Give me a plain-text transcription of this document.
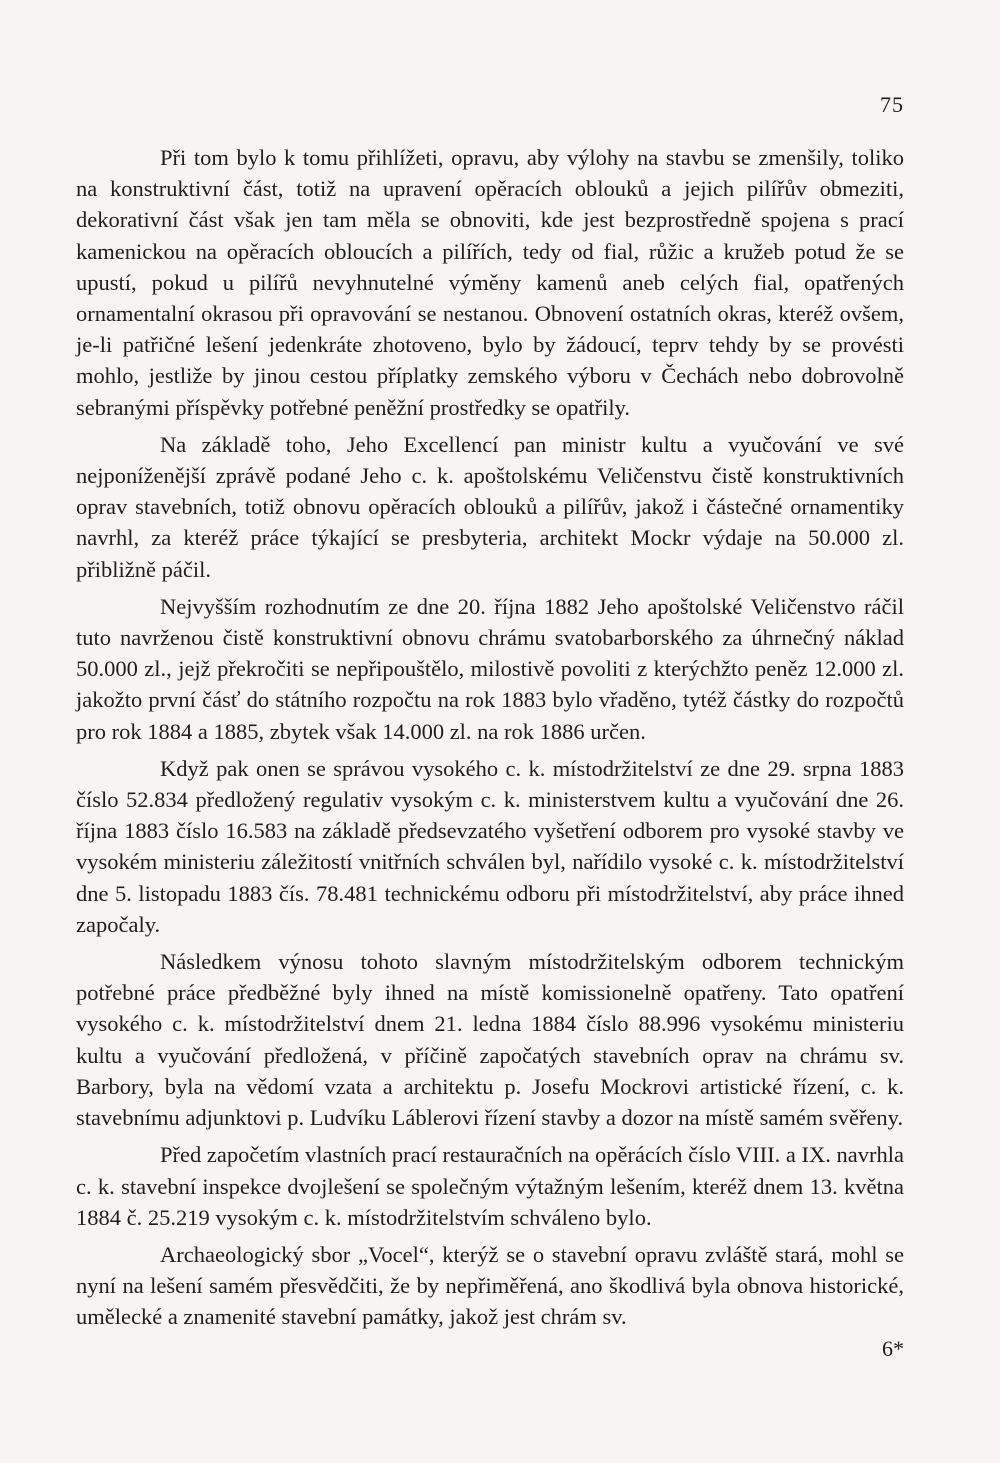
75

Při tom bylo k tomu přihlížeti, opravu, aby výlohy na stavbu se zmenšily, toliko na konstruktivní část, totiž na upravení opěracích oblouků a jejich pilířův obmeziti, dekorativní část však jen tam měla se obnoviti, kde jest bezprostředně spojena s prací kamenickou na opěracích obloucích a pilířích, tedy od fial, růžic a kružeb potud že se upustí, pokud u pilířů nevyhnutelné výměny kamenů aneb celých fial, opatřených ornamentalní okrasou při opravování se nestanou. Obnovení ostatních okras, kteréž ovšem, je-li patřičné lešení jedenkráte zhotoveno, bylo by žádoucí, teprv tehdy by se provésti mohlo, jestliže by jinou cestou příplatky zemského výboru v Čechách nebo dobrovolně sebranými příspěvky potřebné peněžní prostředky se opatřily.

Na základě toho, Jeho Excellencí pan ministr kultu a vyučování ve své nejponíženější zprávě podané Jeho c. k. apoštolskému Veličenstvu čistě konstruktivních oprav stavebních, totiž obnovu opěracích oblouků a pilířův, jakož i částečné ornamentiky navrhl, za kteréž práce týkající se presbyteria, architekt Mockr výdaje na 50.000 zl. přibližně páčil.

Nejvyšším rozhodnutím ze dne 20. října 1882 Jeho apoštolské Veličenstvo ráčil tuto navrženou čistě konstruktivní obnovu chrámu svatobarborského za úhrnečný náklad 50.000 zl., jejž překročiti se nepřipouštělo, milostivě povoliti z kterýchžto peněz 12.000 zl. jakožto první čásť do státního rozpočtu na rok 1883 bylo vřaděno, tytéž částky do rozpočtů pro rok 1884 a 1885, zbytek však 14.000 zl. na rok 1886 určen.

Když pak onen se správou vysokého c. k. místodržitelství ze dne 29. srpna 1883 číslo 52.834 předložený regulativ vysokým c. k. ministerstvem kultu a vyučování dne 26. října 1883 číslo 16.583 na základě předsevzatého vyšetření odborem pro vysoké stavby ve vysokém ministeriu záležitostí vnitřních schválen byl, nařídilo vysoké c. k. místodržitelství dne 5. listopadu 1883 čís. 78.481 technickému odboru při místodržitelství, aby práce ihned započaly.

Následkem výnosu tohoto slavným místodržitelským odborem technickým potřebné práce předběžné byly ihned na místě komissionelně opatřeny. Tato opatření vysokého c. k. místodržitelství dnem 21. ledna 1884 číslo 88.996 vysokému ministeriu kultu a vyučování předložená, v příčině započatých stavebních oprav na chrámu sv. Barbory, byla na vědomí vzata a architektu p. Josefu Mockrovi artistické řízení, c. k. stavebnímu adjunktovi p. Ludvíku Láblerovi řízení stavby a dozor na místě samém svěřeny.

Před započetím vlastních prací restauračních na opěrácích číslo VIII. a IX. navrhla c. k. stavební inspekce dvojlešení se společným výtažným lešením, kteréž dnem 13. května 1884 č. 25.219 vysokým c. k. místodržitelstvím schváleno bylo.

Archaeologický sbor „Vocel“, kterýž se o stavební opravu zvláště stará, mohl se nyní na lešení samém přesvědčiti, že by nepřiměřená, ano škodlivá byla obnova historické, umělecké a znamenité stavební památky, jakož jest chrám sv.

6*
